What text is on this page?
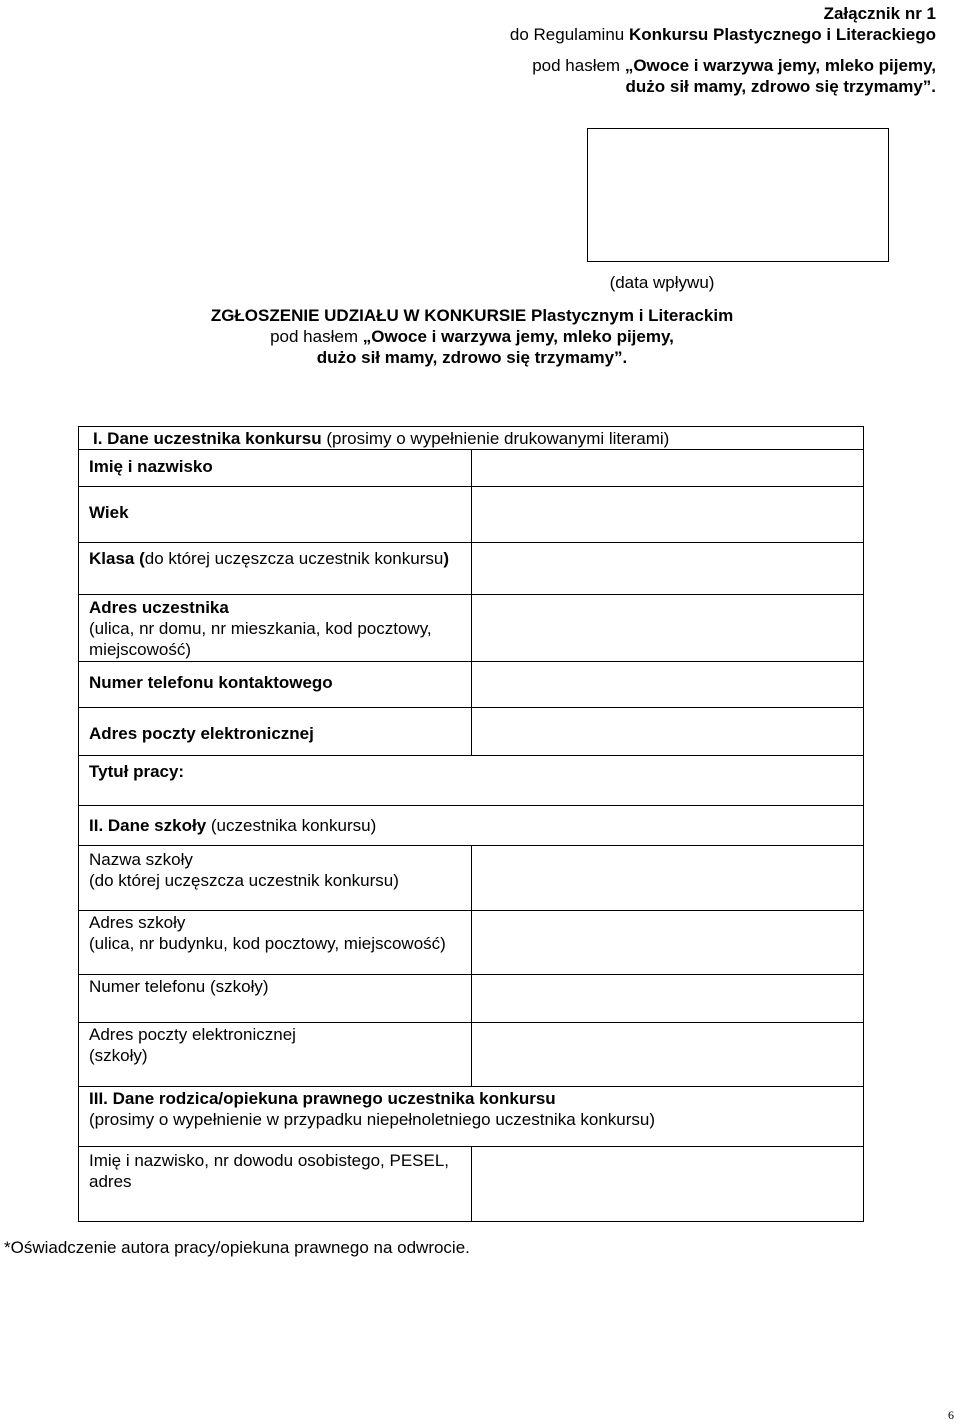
Załącznik nr 1
do Regulaminu Konkursu Plastycznego i Literackiego
pod hasłem „Owoce i warzywa jemy, mleko pijemy,
dużo sił mamy, zdrowo się trzymamy”.
(data wpływu)
ZGŁOSZENIE UDZIAŁU W KONKURSIE Plastycznym i Literackim
pod hasłem „Owoce i warzywa jemy, mleko pijemy,
dużo sił mamy, zdrowo się trzymamy”.
I. Dane uczestnika konkursu (prosimy o wypełnienie drukowanymi literami)	
Imię i nazwisko	
Wiek	
Klasa (do której uczęszcza uczestnik konkursu)	

Adres uczestnika
(ulica, nr domu, nr mieszkania, kod pocztowy, miejscowość)	
Numer telefonu kontaktowego	
Adres poczty elektronicznej	
Tytuł pracy:	
II. Dane szkoły (uczestnika konkursu)	

Nazwa szkoły
(do której uczęszcza uczestnik konkursu)	

Adres szkoły
(ulica, nr budynku, kod pocztowy, miejscowość)	
Numer telefonu (szkoły)	

Adres poczty elektronicznej
(szkoły)	

III. Dane rodzica/opiekuna prawnego uczestnika konkursu
(prosimy o wypełnienie w przypadku niepełnoletniego uczestnika konkursu)	
Imię i nazwisko, nr dowodu osobistego, PESEL, adres	
*Oświadczenie autora pracy/opiekuna prawnego na odwrocie.
6
